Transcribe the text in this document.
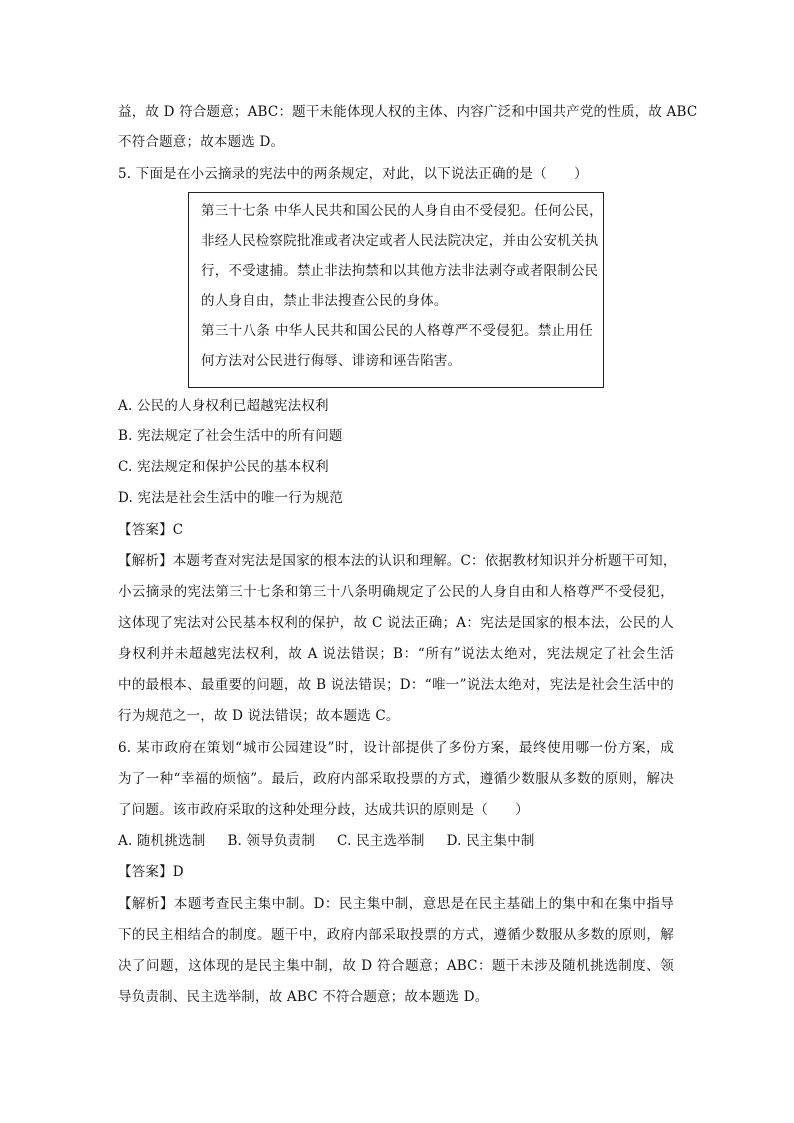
益，故 D 符合题意；ABC：题干未能体现人权的主体、内容广泛和中国共产党的性质，故 ABC
不符合题意；故本题选 D。
5. 下面是在小云摘录的宪法中的两条规定，对此，以下说法正确的是（　　）
第三十七条 中华人民共和国公民的人身自由不受侵犯。任何公民，
非经人民检察院批准或者决定或者人民法院决定，并由公安机关执
行，不受逮捕。禁止非法拘禁和以其他方法非法剥夺或者限制公民
的人身自由，禁止非法搜查公民的身体。
第三十八条 中华人民共和国公民的人格尊严不受侵犯。禁止用任
何方法对公民进行侮辱、诽谤和诬告陷害。
A. 公民的人身权利已超越宪法权利
B. 宪法规定了社会生活中的所有问题
C. 宪法规定和保护公民的基本权利
D. 宪法是社会生活中的唯一行为规范
【答案】C
【解析】本题考查对宪法是国家的根本法的认识和理解。C：依据教材知识并分析题干可知，
小云摘录的宪法第三十七条和第三十八条明确规定了公民的人身自由和人格尊严不受侵犯，
这体现了宪法对公民基本权利的保护，故 C 说法正确；A：宪法是国家的根本法，公民的人
身权利并未超越宪法权利，故 A 说法错误；B：“所有”说法太绝对，宪法规定了社会生活
中的最根本、最重要的问题，故 B 说法错误；D：“唯一”说法太绝对，宪法是社会生活中的
行为规范之一，故 D 说法错误；故本题选 C。
6. 某市政府在策划“城市公园建设”时，设计部提供了多份方案，最终使用哪一份方案，成
为了一种“幸福的烦恼”。最后，政府内部采取投票的方式，遵循少数服从多数的原则，解决
了问题。该市政府采取的这种处理分歧，达成共识的原则是（　　）
A. 随机挑选制 B. 领导负责制 C. 民主选举制 D. 民主集中制
【答案】D
【解析】本题考查民主集中制。D：民主集中制，意思是在民主基础上的集中和在集中指导
下的民主相结合的制度。题干中，政府内部采取投票的方式，遵循少数服从多数的原则，解
决了问题，这体现的是民主集中制，故 D 符合题意；ABC：题干未涉及随机挑选制度、领
导负责制、民主选举制，故 ABC 不符合题意；故本题选 D。
